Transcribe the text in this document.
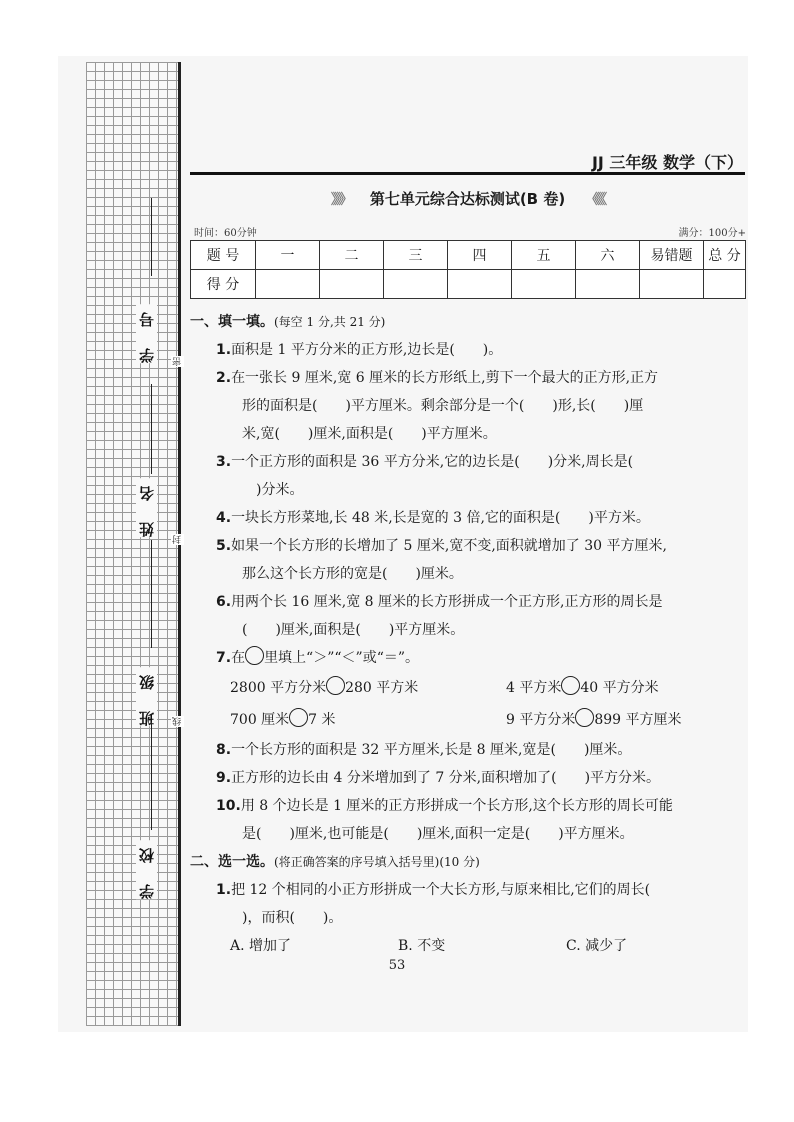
学 号
姓 名
班 级
学 校
密
封
线
JJ 三年级 数学（下）
》》》 第七单元综合达标测试(B 卷) 《《《
时间：60分钟	满分：100分+
题 号	一	二	三	四	五	六	易错题	总 分
得 分								

一、填一填。(每空 1 分,共 21 分)

1.面积是 1 平方分米的正方形,边长是(　　)。

2.在一张长 9 厘米,宽 6 厘米的长方形纸上,剪下一个最大的正方形,正方

形的面积是(　　)平方厘米。剩余部分是一个(　　)形,长(　　)厘

米,宽(　　)厘米,面积是(　　)平方厘米。

3.一个正方形的面积是 36 平方分米,它的边长是(　　)分米,周长是(

　)分米。

4.一块长方形菜地,长 48 米,长是宽的 3 倍,它的面积是(　　)平方米。

5.如果一个长方形的长增加了 5 厘米,宽不变,面积就增加了 30 平方厘米,

那么这个长方形的宽是(　　)厘米。

6.用两个长 16 厘米,宽 8 厘米的长方形拼成一个正方形,正方形的周长是

(　　)厘米,面积是(　　)平方厘米。

7.在 里填上“＞”“＜”或“＝”。

2800 平方分米 280 平方米	4 平方米 40 平方分米

700 厘米 7 米	9 平方分米 899 平方厘米

8.一个长方形的面积是 32 平方厘米,长是 8 厘米,宽是(　　)厘米。

9.正方形的边长由 4 分米增加到了 7 分米,面积增加了(　　)平方分米。

10.用 8 个边长是 1 厘米的正方形拼成一个长方形,这个长方形的周长可能

是(　　)厘米,也可能是(　　)厘米,面积一定是(　　)平方厘米。

二、选一选。(将正确答案的序号填入括号里)(10 分)

1.把 12 个相同的小正方形拼成一个大长方形,与原来相比,它们的周长(

)，而积(　　)。

A. 增加了	B. 不变	C. 减少了

53
